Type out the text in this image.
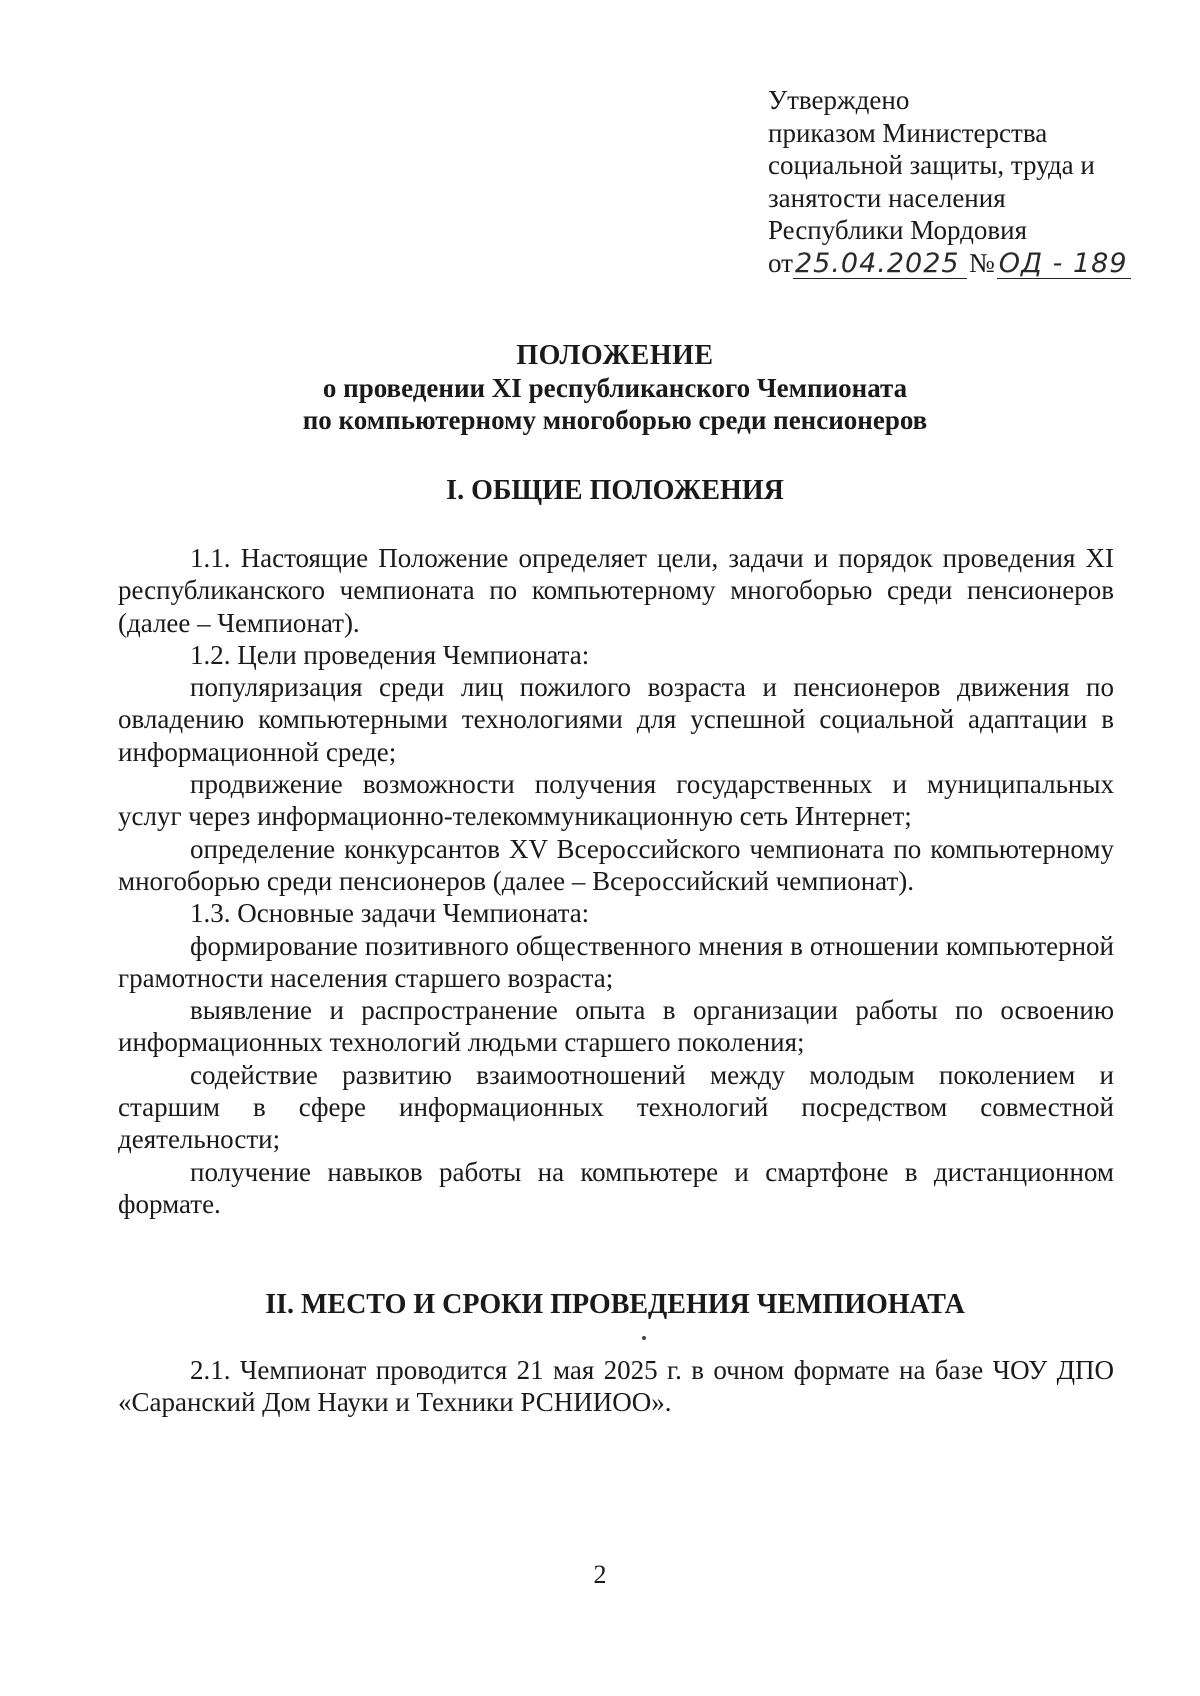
Утверждено
приказом Министерства
социальной защиты, труда и
занятости населения
Республики Мордовия
от25.04.2025 № ОД - 189
ПОЛОЖЕНИЕ
о проведении XI республиканского Чемпионата
по компьютерному многоборью среди пенсионеров
I. ОБЩИЕ ПОЛОЖЕНИЯ

1.1. Настоящие Положение определяет цели, задачи и порядок проведения XI республиканского чемпионата по компьютерному многоборью среди пенсионеров (далее – Чемпионат).

1.2. Цели проведения Чемпионата:

популяризация среди лиц пожилого возраста и пенсионеров движения по овладению компьютерными технологиями для успешной социальной адаптации в информационной среде;

продвижение возможности получения государственных и муниципальных услуг через информационно-телекоммуникационную сеть Интернет;

определение конкурсантов XV Всероссийского чемпионата по компьютерному многоборью среди пенсионеров (далее – Всероссийский чемпионат).

1.3. Основные задачи Чемпионата:

формирование позитивного общественного мнения в отношении компьютерной грамотности населения старшего возраста;

выявление и распространение опыта в организации работы по освоению информационных технологий людьми старшего поколения;

содействие развитию взаимоотношений между молодым поколением и старшим в сфере информационных технологий посредством совместной деятельности;

получение навыков работы на компьютере и смартфоне в дистанционном формате.

II. МЕСТО И СРОКИ ПРОВЕДЕНИЯ ЧЕМПИОНАТА

2.1. Чемпионат проводится 21 мая 2025 г. в очном формате на базе ЧОУ ДПО «Саранский Дом Науки и Техники РСНИИОО».

2
